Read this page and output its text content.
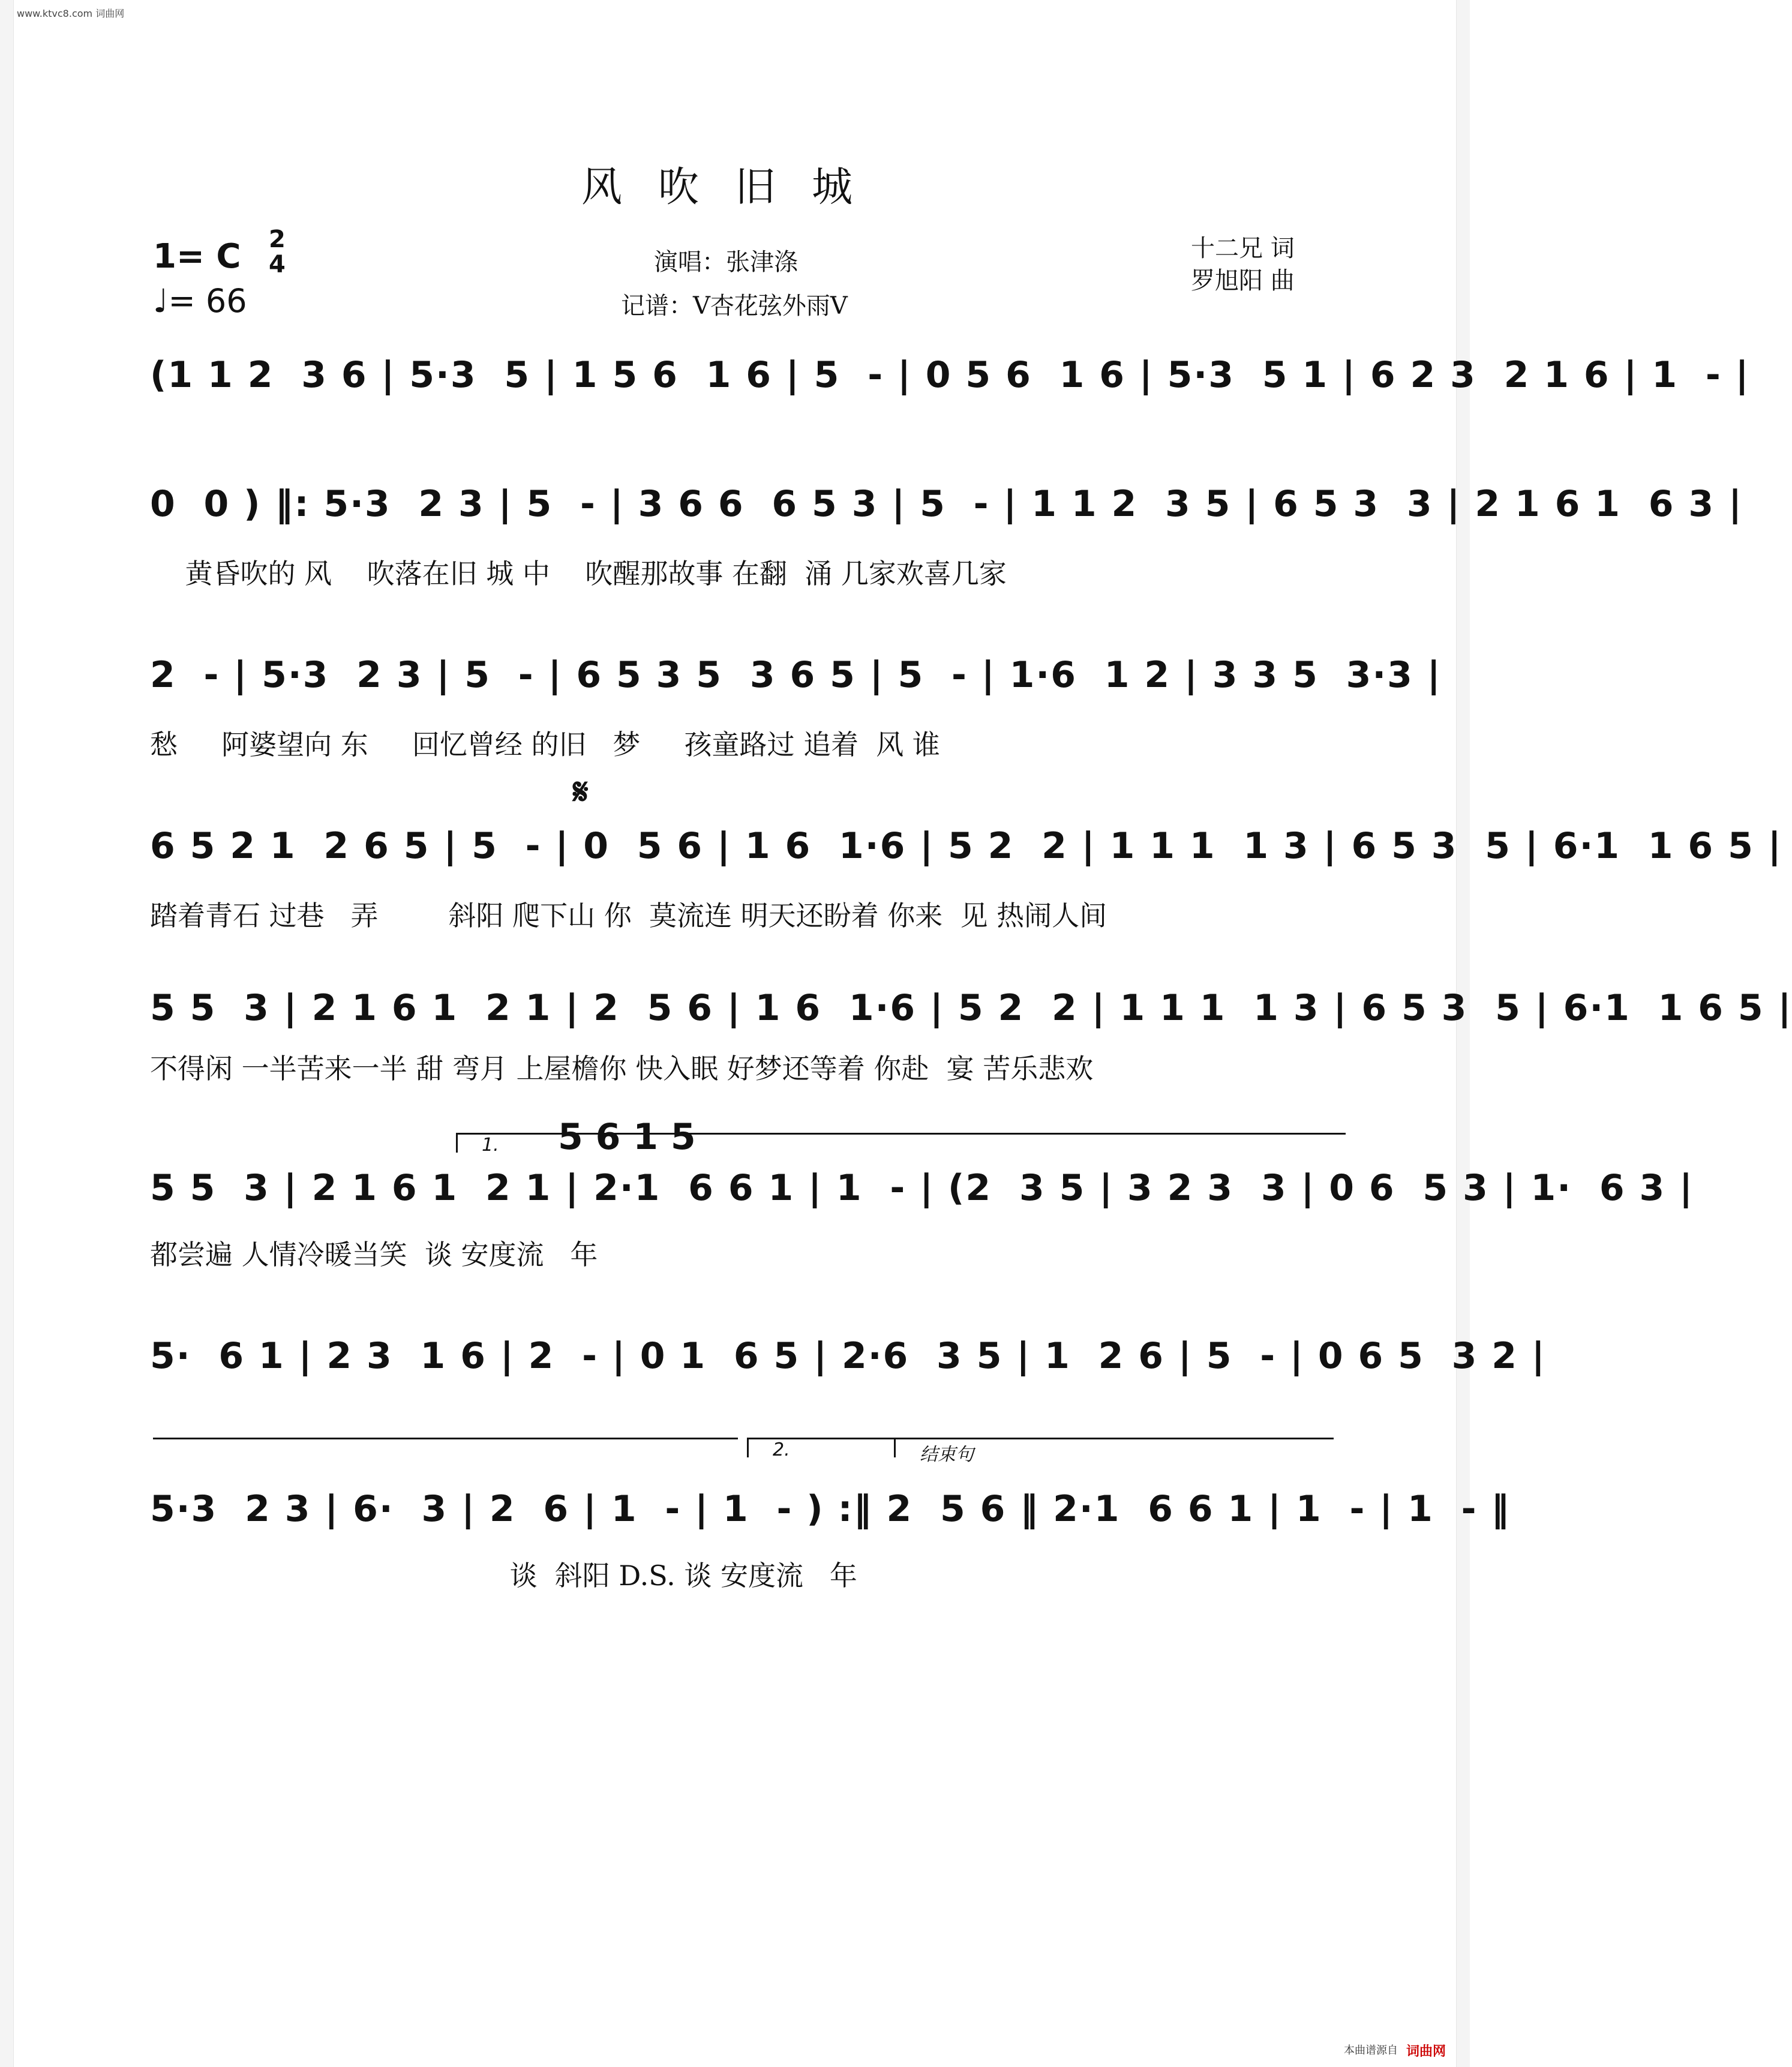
www.ktvc8.com 词曲网
风吹旧城
1= C 2
4
♩= 66
演唱：张津涤
记谱：V杏花弦外雨V
十二兄 词
罗旭阳 曲
(1 1 2  3 6 | 5·3  5 | 1 5 6  1 6 | 5  - | 0 5 6  1 6 | 5·3  5 1 | 6 2 3  2 1 6 | 1  - |
0  0 ) ‖: 5·3  2 3 | 5  - | 3 6 6  6 5 3 | 5  - | 1 1 2  3 5 | 6 5 3  3 | 2 1 6 1  6 3 |
黄昏吹的 风    吹落在旧 城 中    吹醒那故事 在翻  涌 几家欢喜几家
2  - | 5·3  2 3 | 5  - | 6 5 3 5  3 6 5 | 5  - | 1·6  1 2 | 3 3 5  3·3 |
愁     阿婆望向 东     回忆曾经 的旧   梦     孩童路过 追着  风 谁
𝄋
6 5 2 1  2 6 5 | 5  - | 0  5 6 | 1 6  1·6 | 5 2  2 | 1 1 1  1 3 | 6 5 3  5 | 6·1  1 6 5 |
踏着青石 过巷   弄        斜阳 爬下山 你  莫流连 明天还盼着 你来  见 热闹人间
5 5  3 | 2 1 6 1  2 1 | 2  5 6 | 1 6  1·6 | 5 2  2 | 1 1 1  1 3 | 6 5 3  5 | 6·1  1 6 5 |
不得闲 一半苦来一半 甜 弯月 上屋檐你 快入眠 好梦还等着 你赴  宴 苦乐悲欢
1.	5 6 1 5
5 5  3 | 2 1 6 1  2 1 | 2·1  6 6 1 | 1  - | (2  3 5 | 3 2 3  3 | 0 6  5 3 | 1·  6 3 |
都尝遍 人情冷暖当笑  谈 安度流   年
5·  6 1 | 2 3  1 6 | 2  - | 0 1  6 5 | 2·6  3 5 | 1  2 6 | 5  - | 0 6 5  3 2 |
2.	结束句
5·3  2 3 | 6·  3 | 2  6 | 1  - | 1  - ) :‖ 2  5 6 ‖ 2·1  6 6 1 | 1  - | 1  - ‖
谈  斜阳 D.S. 谈 安度流   年
本曲谱源自 词曲网
